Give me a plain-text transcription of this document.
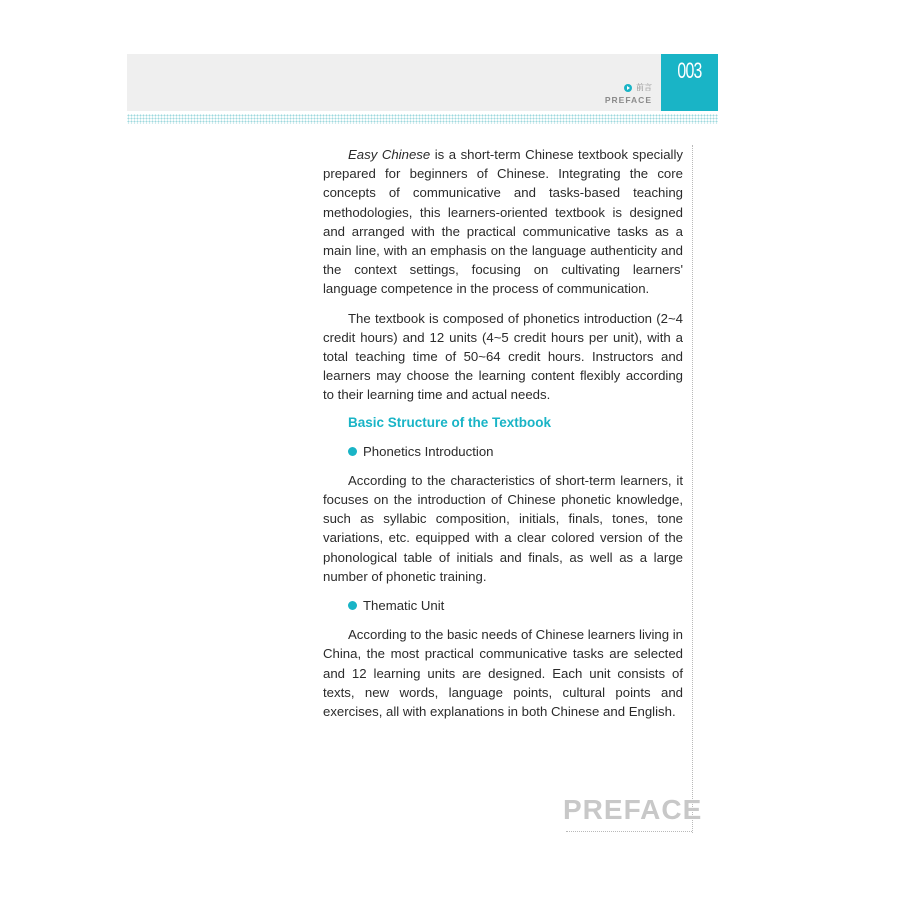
003
前言
PREFACE

Easy Chinese is a short-term Chinese textbook specially prepared for beginners of Chinese. Integrating the core concepts of communicative and tasks-based teaching methodologies, this learners-oriented textbook is designed and arranged with the practical communicative tasks as a main line, with an emphasis on the language authenticity and the context settings, focusing on cultivating learners' language competence in the process of communication.

The textbook is composed of phonetics introduction (2~4 credit hours) and 12 units (4~5 credit hours per unit), with a total teaching time of 50~64 credit hours. Instructors and learners may choose the learning content flexibly according to their learning time and actual needs.

Basic Structure of the Textbook
Phonetics Introduction

According to the characteristics of short-term learners, it focuses on the introduction of Chinese phonetic knowledge, such as syllabic composition, initials, finals, tones, tone variations, etc. equipped with a clear colored version of the phonological table of initials and finals, as well as a large number of phonetic training.

Thematic Unit

According to the basic needs of Chinese learners living in China, the most practical communicative tasks are selected and 12 learning units are designed. Each unit consists of texts, new words, language points, cultural points and exercises, all with explanations in both Chinese and English.

PREFACE
